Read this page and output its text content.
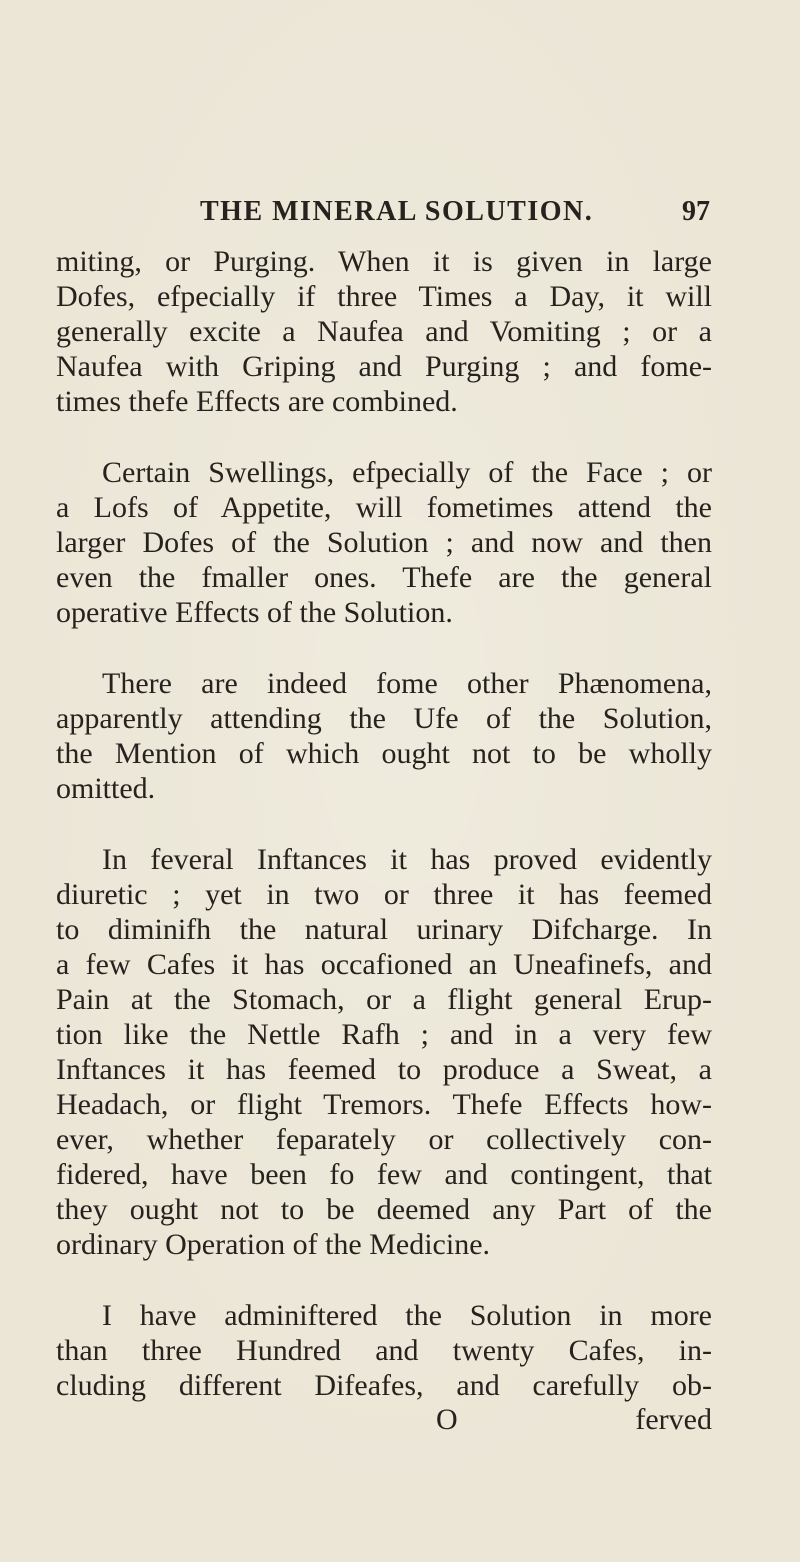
THE MINERAL SOLUTION.	97
miting, or Purging. When it is given in large
Dofes, efpecially if three Times a Day, it will
generally excite a Naufea and Vomiting ; or a
Naufea with Griping and Purging ; and fome-
times thefe Effects are combined.
Certain Swellings, efpecially of the Face ; or
a Lofs of Appetite, will fometimes attend the
larger Dofes of the Solution ; and now and then
even the fmaller ones. Thefe are the general
operative Effects of the Solution.
There are indeed fome other Phænomena,
apparently attending the Ufe of the Solution,
the Mention of which ought not to be wholly
omitted.
In feveral Inftances it has proved evidently
diuretic ; yet in two or three it has feemed
to diminifh the natural urinary Difcharge. In
a few Cafes it has occafioned an Uneafinefs, and
Pain at the Stomach, or a flight general Erup-
tion like the Nettle Rafh ; and in a very few
Inftances it has feemed to produce a Sweat, a
Headach, or flight Tremors. Thefe Effects how-
ever, whether feparately or collectively con-
fidered, have been fo few and contingent, that
they ought not to be deemed any Part of the
ordinary Operation of the Medicine.
I have adminiftered the Solution in more
than three Hundred and twenty Cafes, in-
cluding different Difeafes, and carefully ob-
O	ferved
